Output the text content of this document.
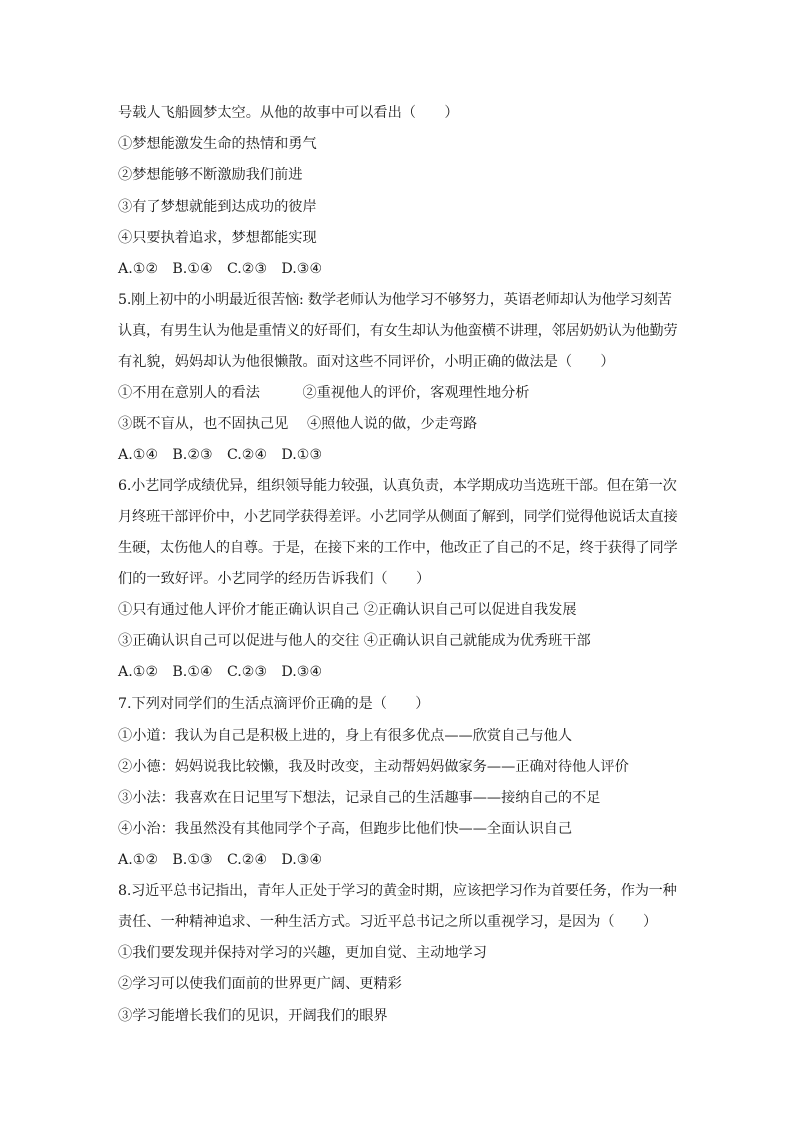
号载人飞船圆梦太空。从他的故事中可以看出（　　）
①梦想能激发生命的热情和勇气
②梦想能够不断激励我们前进
③有了梦想就能到达成功的彼岸
④只要执着追求，梦想都能实现
A.①②　B.①④　C.②③　D.③④
5.刚上初中的小明最近很苦恼: 数学老师认为他学习不够努力，英语老师却认为他学习刻苦
认真，有男生认为他是重情义的好哥们，有女生却认为他蛮横不讲理，邻居奶奶认为他勤劳
有礼貌，妈妈却认为他很懒散。面对这些不同评价，小明正确的做法是（　　）
①不用在意别人的看法　　　②重视他人的评价，客观理性地分析
③既不盲从，也不固执己见　 ④照他人说的做，少走弯路
A.①④　B.②③　C.②④　D.①③
6.小艺同学成绩优异，组织领导能力较强，认真负责，本学期成功当选班干部。但在第一次
月终班干部评价中，小艺同学获得差评。小艺同学从侧面了解到，同学们觉得他说话太直接
生硬，太伤他人的自尊。于是，在接下来的工作中，他改正了自己的不足，终于获得了同学
们的一致好评。小艺同学的经历告诉我们（　　）
①只有通过他人评价才能正确认识自己 ②正确认识自己可以促进自我发展
③正确认识自己可以促进与他人的交往 ④正确认识自己就能成为优秀班干部
A.①②　B.①④　C.②③　D.③④
7.下列对同学们的生活点滴评价正确的是（　　）
①小道：我认为自己是积极上进的，身上有很多优点——欣赏自己与他人
②小德：妈妈说我比较懒，我及时改变，主动帮妈妈做家务——正确对待他人评价
③小法：我喜欢在日记里写下想法，记录自己的生活趣事——接纳自己的不足
④小治：我虽然没有其他同学个子高，但跑步比他们快——全面认识自己
A.①②　B.①③　C.②④　D.③④
8.习近平总书记指出，青年人正处于学习的黄金时期，应该把学习作为首要任务，作为一种
责任、一种精神追求、一种生活方式。习近平总书记之所以重视学习，是因为（　　）
①我们要发现并保持对学习的兴趣，更加自觉、主动地学习
②学习可以使我们面前的世界更广阔、更精彩
③学习能增长我们的见识，开阔我们的眼界
